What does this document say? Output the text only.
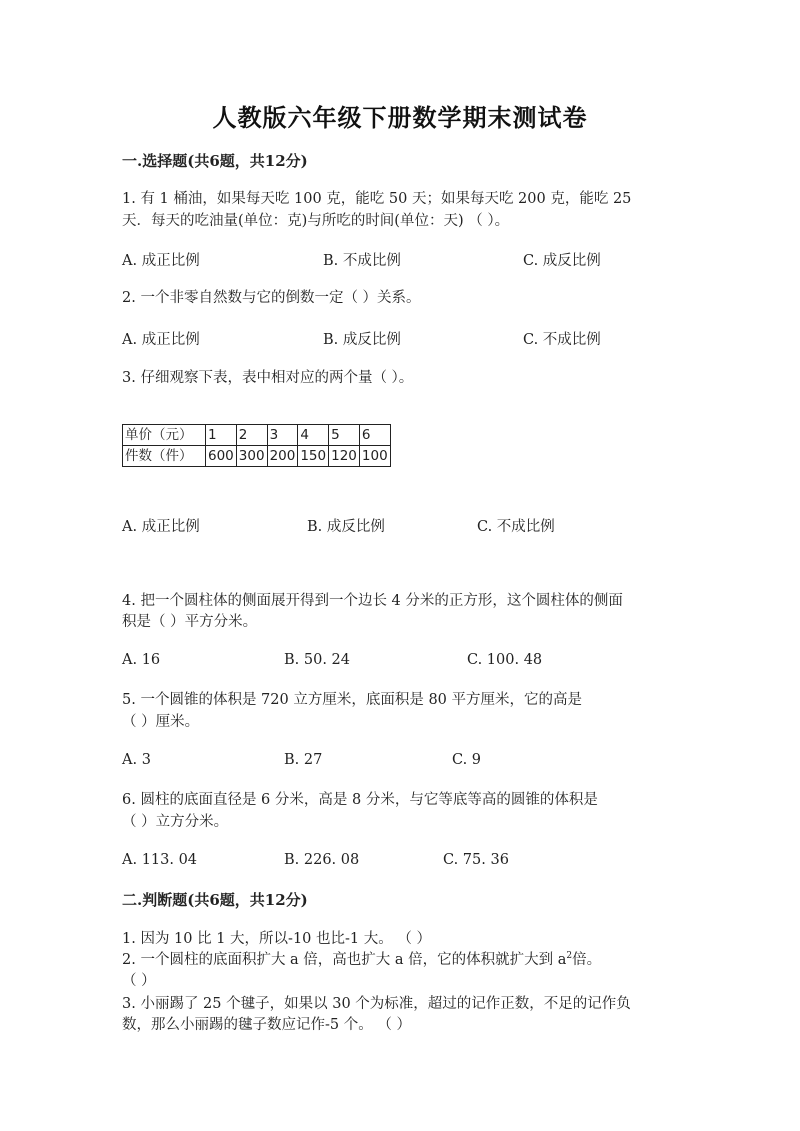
人教版六年级下册数学期末测试卷
一.选择题(共6题，共12分)
1. 有 1 桶油，如果每天吃 100 克，能吃 50 天；如果每天吃 200 克，能吃 25
天．每天的吃油量(单位：克)与所吃的时间(单位：天) （ ）。
A. 成正比例	B. 不成比例	C. 成反比例
2. 一个非零自然数与它的倒数一定（ ）关系。
A. 成正比例	B. 成反比例	C. 不成比例
3. 仔细观察下表，表中相对应的两个量（ ）。
单价（元）	1	2	3	4	5	6
件数（件）	600	300	200	150	120	100
A. 成正比例	B. 成反比例	C. 不成比例
4. 把一个圆柱体的侧面展开得到一个边长 4 分米的正方形，这个圆柱体的侧面
积是（ ）平方分米。
A. 16	B. 50. 24	C. 100. 48
5. 一个圆锥的体积是 720 立方厘米，底面积是 80 平方厘米，它的高是
（ ）厘米。
A. 3	B. 27	C. 9
6. 圆柱的底面直径是 6 分米，高是 8 分米，与它等底等高的圆锥的体积是
（ ）立方分米。
A. 113. 04	B. 226. 08	C. 75. 36
二.判断题(共6题，共12分)
1. 因为 10 比 1 大，所以-10 也比-1 大。 （ ）
2. 一个圆柱的底面积扩大 a 倍，高也扩大 a 倍，它的体积就扩大到 $a^2$倍。
（ ）
3. 小丽踢了 25 个毽子，如果以 30 个为标准，超过的记作正数，不足的记作负
数，那么小丽踢的毽子数应记作-5 个。 （ ）
